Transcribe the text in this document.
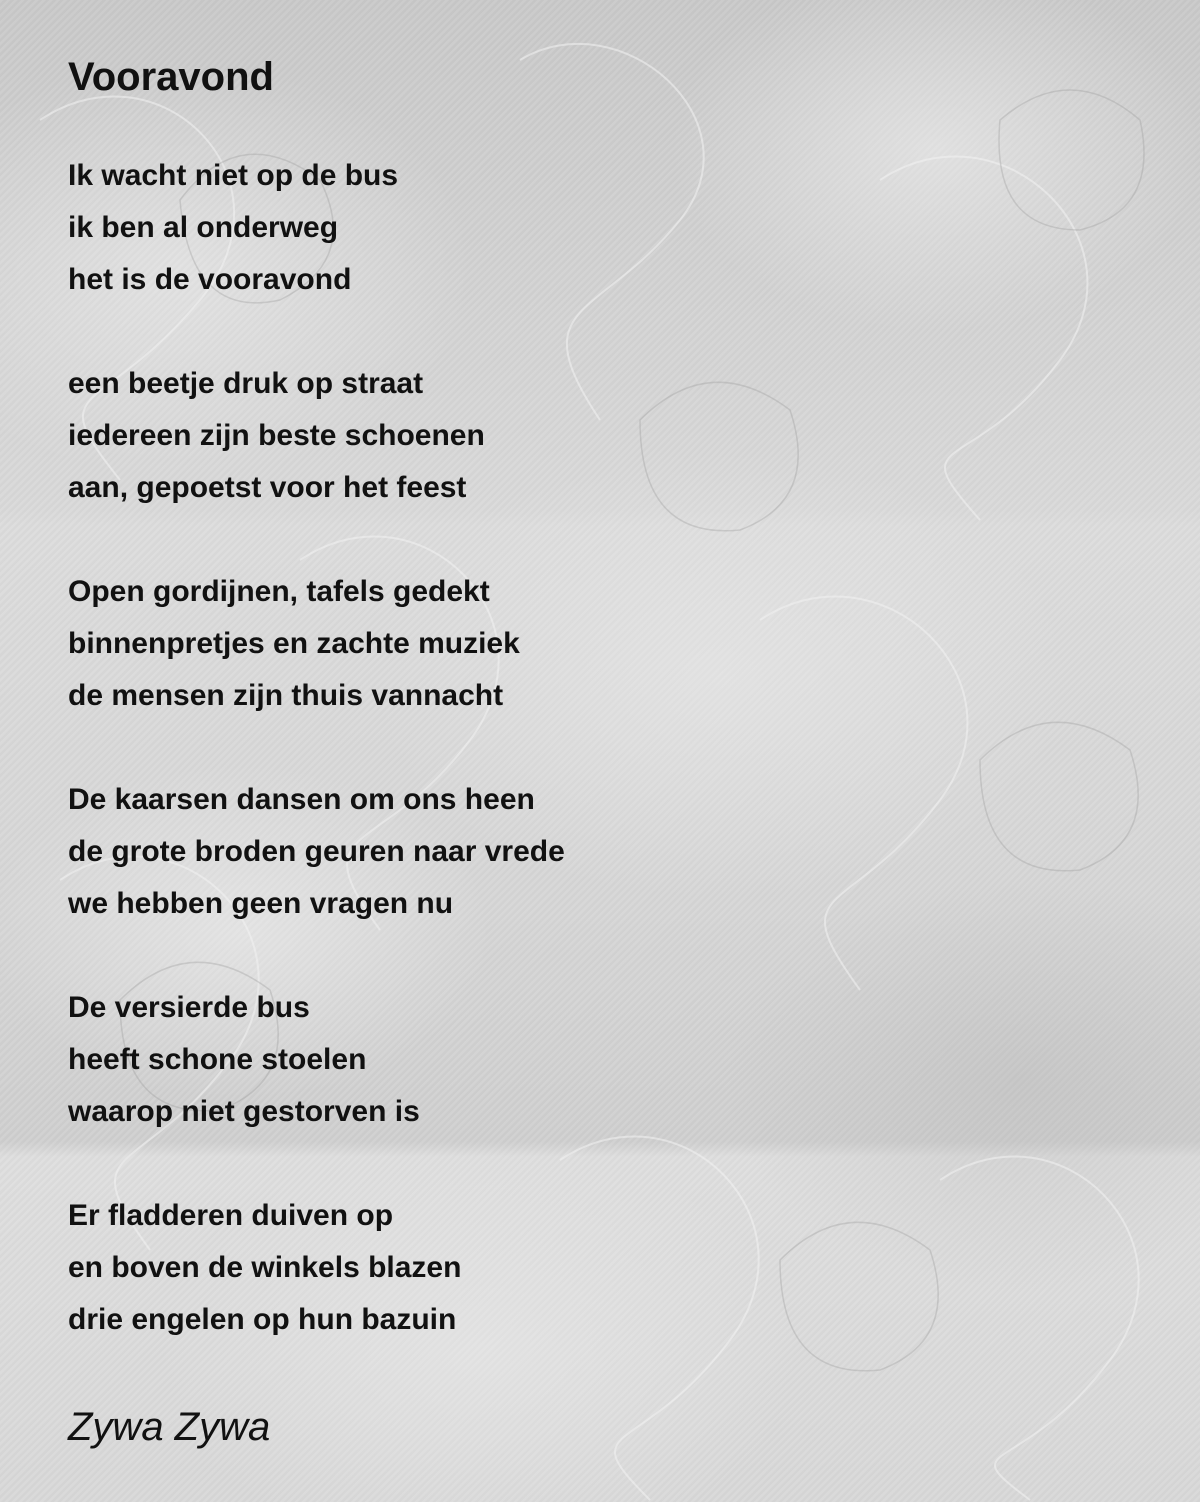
Vooravond
Ik wacht niet op de bus
ik ben al onderweg
het is de vooravond
een beetje druk op straat
iedereen zijn beste schoenen
aan, gepoetst voor het feest
Open gordijnen, tafels gedekt
binnenpretjes en zachte muziek
de mensen zijn thuis vannacht
De kaarsen dansen om ons heen
de grote broden geuren naar vrede
we hebben geen vragen nu
De versierde bus
heeft schone stoelen
waarop niet gestorven is
Er fladderen duiven op
en boven de winkels blazen
drie engelen op hun bazuin
Zywa Zywa
